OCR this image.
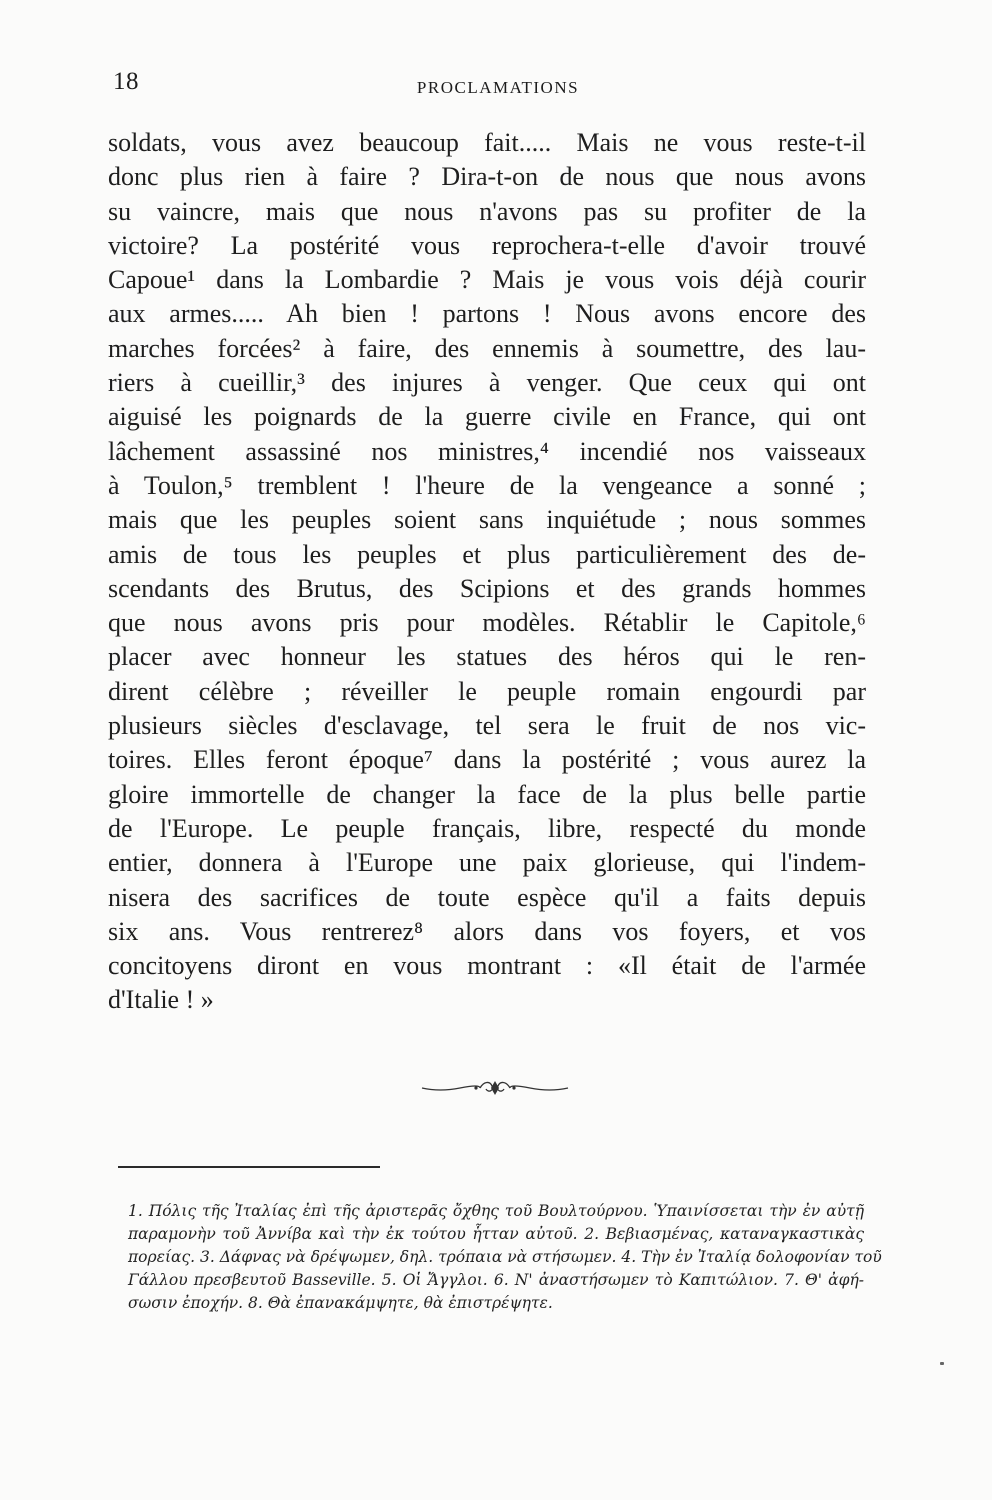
18	PROCLAMATIONS
soldats, vous avez beaucoup fait..... Mais ne vous reste-t-il
donc plus rien à faire ? Dira-t-on de nous que nous avons
su vaincre, mais que nous n'avons pas su profiter de la
victoire? La postérité vous reprochera-t-elle d'avoir trouvé
Capoue¹ dans la Lombardie ? Mais je vous vois déjà courir
aux armes..... Ah bien ! partons ! Nous avons encore des
marches forcées² à faire, des ennemis à soumettre, des lau-
riers à cueillir,³ des injures à venger. Que ceux qui ont
aiguisé les poignards de la guerre civile en France, qui ont
lâchement assassiné nos ministres,⁴ incendié nos vaisseaux
à Toulon,⁵ tremblent ! l'heure de la vengeance a sonné ;
mais que les peuples soient sans inquiétude ; nous sommes
amis de tous les peuples et plus particulièrement des de-
scendants des Brutus, des Scipions et des grands hommes
que nous avons pris pour modèles. Rétablir le Capitole,⁶
placer avec honneur les statues des héros qui le ren-
dirent célèbre ; réveiller le peuple romain engourdi par
plusieurs siècles d'esclavage, tel sera le fruit de nos vic-
toires. Elles feront époque⁷ dans la postérité ; vous aurez la
gloire immortelle de changer la face de la plus belle partie
de l'Europe. Le peuple français, libre, respecté du monde
entier, donnera à l'Europe une paix glorieuse, qui l'indem-
nisera des sacrifices de toute espèce qu'il a faits depuis
six ans. Vous rentrerez⁸ alors dans vos foyers, et vos
concitoyens diront en vous montrant : «Il était de l'armée
d'Italie ! »
1. Πόλις τῆς Ἰταλίας ἐπὶ τῆς ἀριστερᾶς ὄχθης τοῦ Βουλτούρνου. Ὑπαινίσσεται τὴν ἐν αὐτῇ
παραμονὴν τοῦ Ἀννίβα καὶ τὴν ἐκ τούτου ἧτταν αὐτοῦ. 2. Βεβιασμένας, καταναγκαστικὰς
πορείας. 3. Δάφνας νὰ δρέψωμεν, δηλ. τρόπαια νὰ στήσωμεν. 4. Τὴν ἐν Ἰταλίᾳ δολοφονίαν τοῦ
Γάλλου πρεσβευτοῦ Basseville. 5. Οἱ Ἄγγλοι. 6. Ν' ἀναστήσωμεν τὸ Καπιτώλιον. 7. Θ' ἀφή-
σωσιν ἐποχήν. 8. Θὰ ἐπανακάμψητε, θὰ ἐπιστρέψητε.
